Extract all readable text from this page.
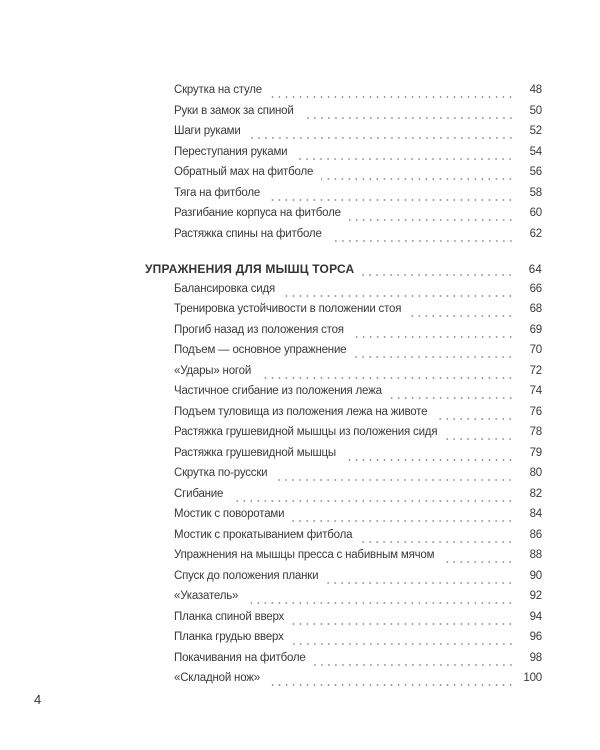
Скрутка на стуле	48
Руки в замок за спиной	50
Шаги руками	52
Переступания руками	54
Обратный мах на фитболе	56
Тяга на фитболе	58
Разгибание корпуса на фитболе	60
Растяжка спины на фитболе	62
УПРАЖНЕНИЯ ДЛЯ МЫШЦ ТОРСА	64
Балансировка сидя	66
Тренировка устойчивости в положении стоя	68
Прогиб назад из положения стоя	69
Подъем — основное упражнение	70
«Удары» ногой	72
Частичное сгибание из положения лежа	74
Подъем туловища из положения лежа на животе	76
Растяжка грушевидной мышцы из положения сидя	78
Растяжка грушевидной мышцы	79
Скрутка по-русски	80
Сгибание	82
Мостик с поворотами	84
Мостик с прокатыванием фитбола	86
Упражнения на мышцы пресса с набивным мячом	88
Спуск до положения планки	90
«Указатель»	92
Планка спиной вверх	94
Планка грудью вверх	96
Покачивания на фитболе	98
«Складной нож»	100
4
